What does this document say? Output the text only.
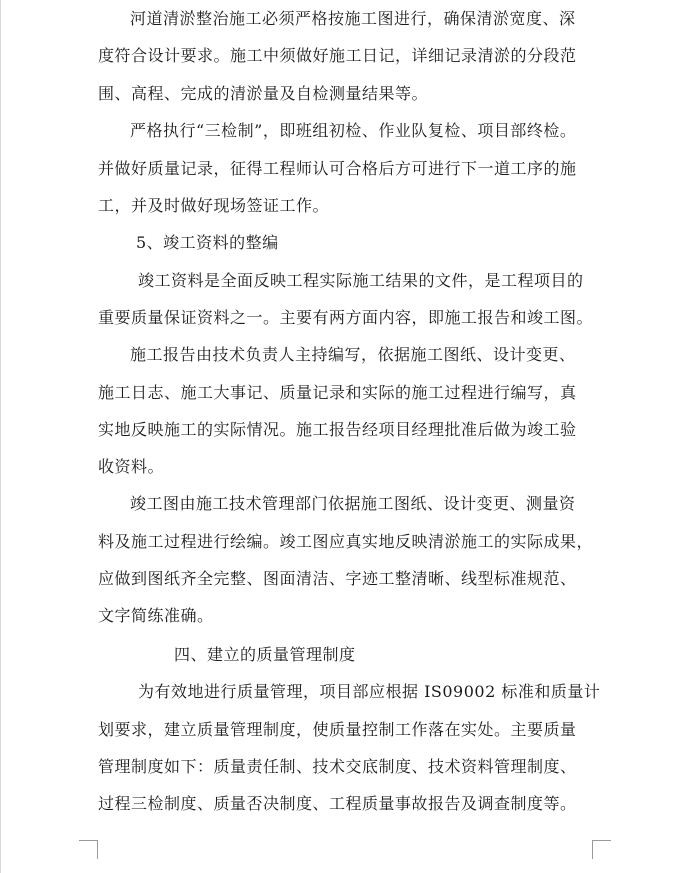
河道清淤整治施工必须严格按施工图进行，确保清淤宽度、深
度符合设计要求。施工中须做好施工日记，详细记录清淤的分段范
围、高程、完成的清淤量及自检测量结果等。
严格执行“三检制”，即班组初检、作业队复检、项目部终检。
并做好质量记录，征得工程师认可合格后方可进行下一道工序的施
工，并及时做好现场签证工作。
5、竣工资料的整编
竣工资料是全面反映工程实际施工结果的文件，是工程项目的
重要质量保证资料之一。主要有两方面内容，即施工报告和竣工图。
施工报告由技术负责人主持编写，依据施工图纸、设计变更、
施工日志、施工大事记、质量记录和实际的施工过程进行编写，真
实地反映施工的实际情况。施工报告经项目经理批准后做为竣工验
收资料。
竣工图由施工技术管理部门依据施工图纸、设计变更、测量资
料及施工过程进行绘编。竣工图应真实地反映清淤施工的实际成果，
应做到图纸齐全完整、图面清洁、字迹工整清晰、线型标准规范、
文字简练准确。
四、建立的质量管理制度
为有效地进行质量管理，项目部应根据 IS09002 标准和质量计
划要求，建立质量管理制度，使质量控制工作落在实处。主要质量
管理制度如下：质量责任制、技术交底制度、技术资料管理制度、
过程三检制度、质量否决制度、工程质量事故报告及调查制度等。
